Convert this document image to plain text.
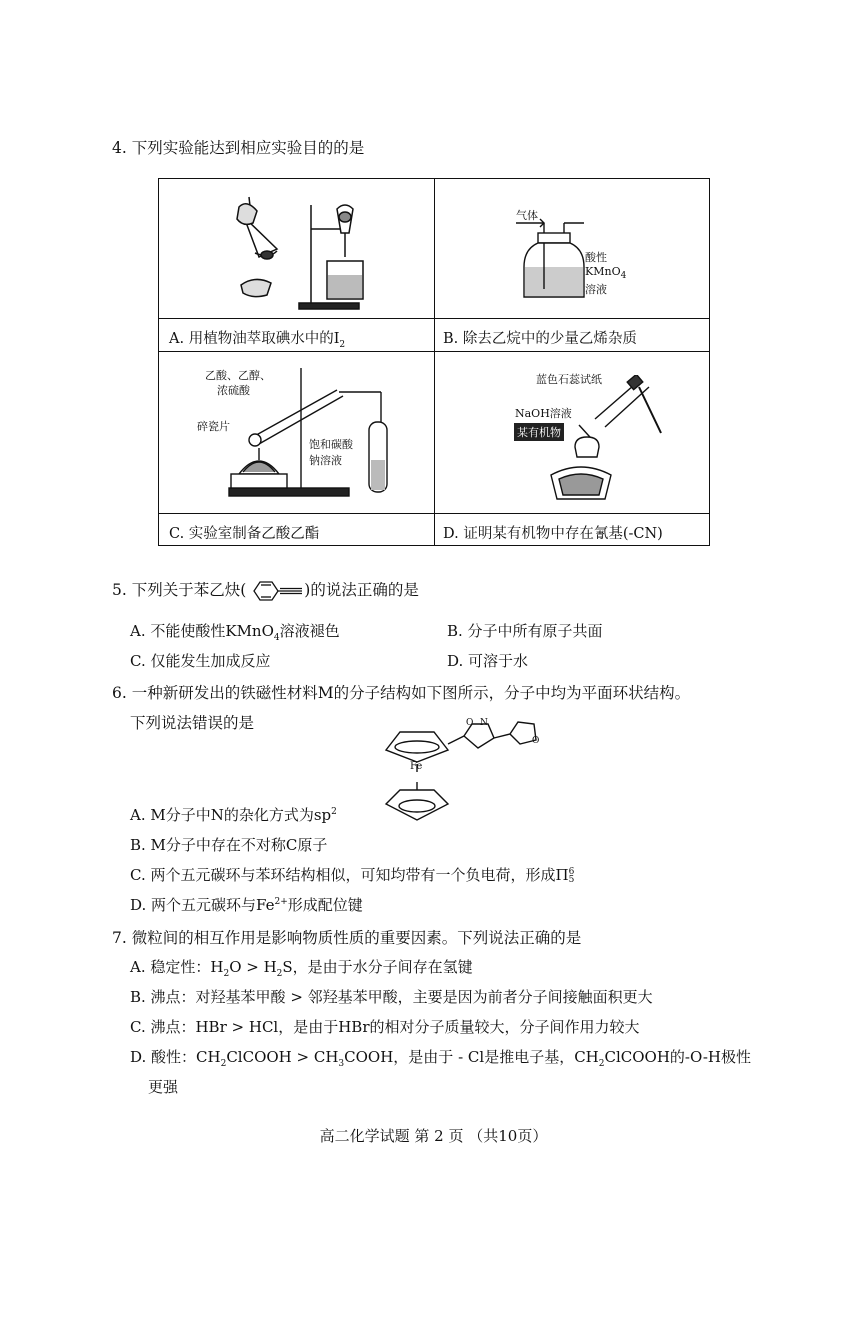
4. 下列实验能达到相应实验目的的是
气体
酸性
KMnO$_4$
溶液
A. 用植物油萃取碘水中的$I_2$	B. 除去乙烷中的少量乙烯杂质
乙酸、乙醇、
浓硫酸
碎瓷片
饱和碳酸
钠溶液
蓝色石蕊试纸
NaOH溶液
某有机物
C. 实验室制备乙酸乙酯	D. 证明某有机物中存在氰基(-CN)
5. 下列关于苯乙炔(	)的说法正确的是
A. 不能使酸性KMnO$_4$溶液褪色	B. 分子中所有原子共面
C. 仅能发生加成反应	D. 可溶于水
6. 一种新研发出的铁磁性材料M的分子结构如下图所示，分子中均为平面环状结构。
下列说法错误的是
Fe
O N
O
A. M分子中N的杂化方式为$sp^2$
B. M分子中存在不对称C原子
C. 两个五元碳环与苯环结构相似，可知均带有一个负电荷，形成Π 6
5
D. 两个五元碳环与$Fe^{2+}$形成配位键
7. 微粒间的相互作用是影响物质性质的重要因素。下列说法正确的是
A. 稳定性：$H_2O > H_2S$，是由于水分子间存在氢键
B. 沸点：对羟基苯甲酸 > 邻羟基苯甲酸，主要是因为前者分子间接触面积更大
C. 沸点：HBr > HCl，是由于HBr的相对分子质量较大，分子间作用力较大
D. 酸性：$CH_2ClCOOH$ > $CH_3COOH$，是由于 - Cl是推电子基，$CH_2ClCOOH$的-O-H极性
更强
高二化学试题 第 2 页 （共10页）
